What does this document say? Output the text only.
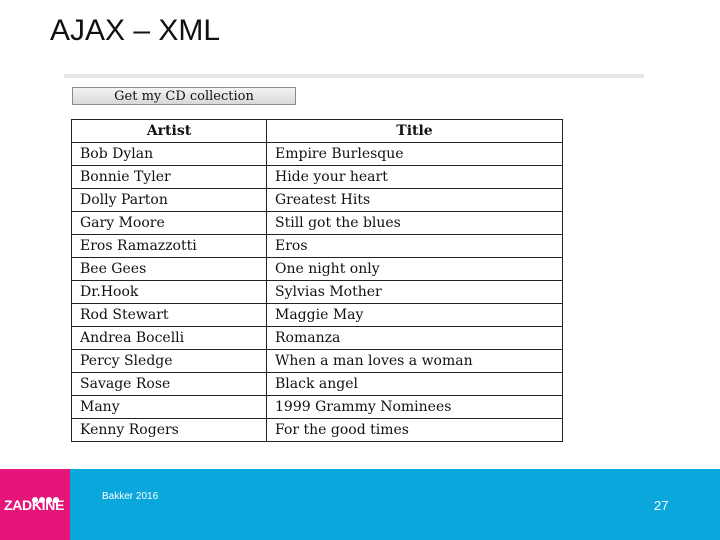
AJAX – XML
Get my CD collection
Artist	Title
Bob Dylan	Empire Burlesque
Bonnie Tyler	Hide your heart
Dolly Parton	Greatest Hits
Gary Moore	Still got the blues
Eros Ramazzotti	Eros
Bee Gees	One night only
Dr.Hook	Sylvias Mother
Rod Stewart	Maggie May
Andrea Bocelli	Romanza
Percy Sledge	When a man loves a woman
Savage Rose	Black angel
Many	1999 Grammy Nominees
Kenny Rogers	For the good times
ZADKINE
Bakker 2016
27
